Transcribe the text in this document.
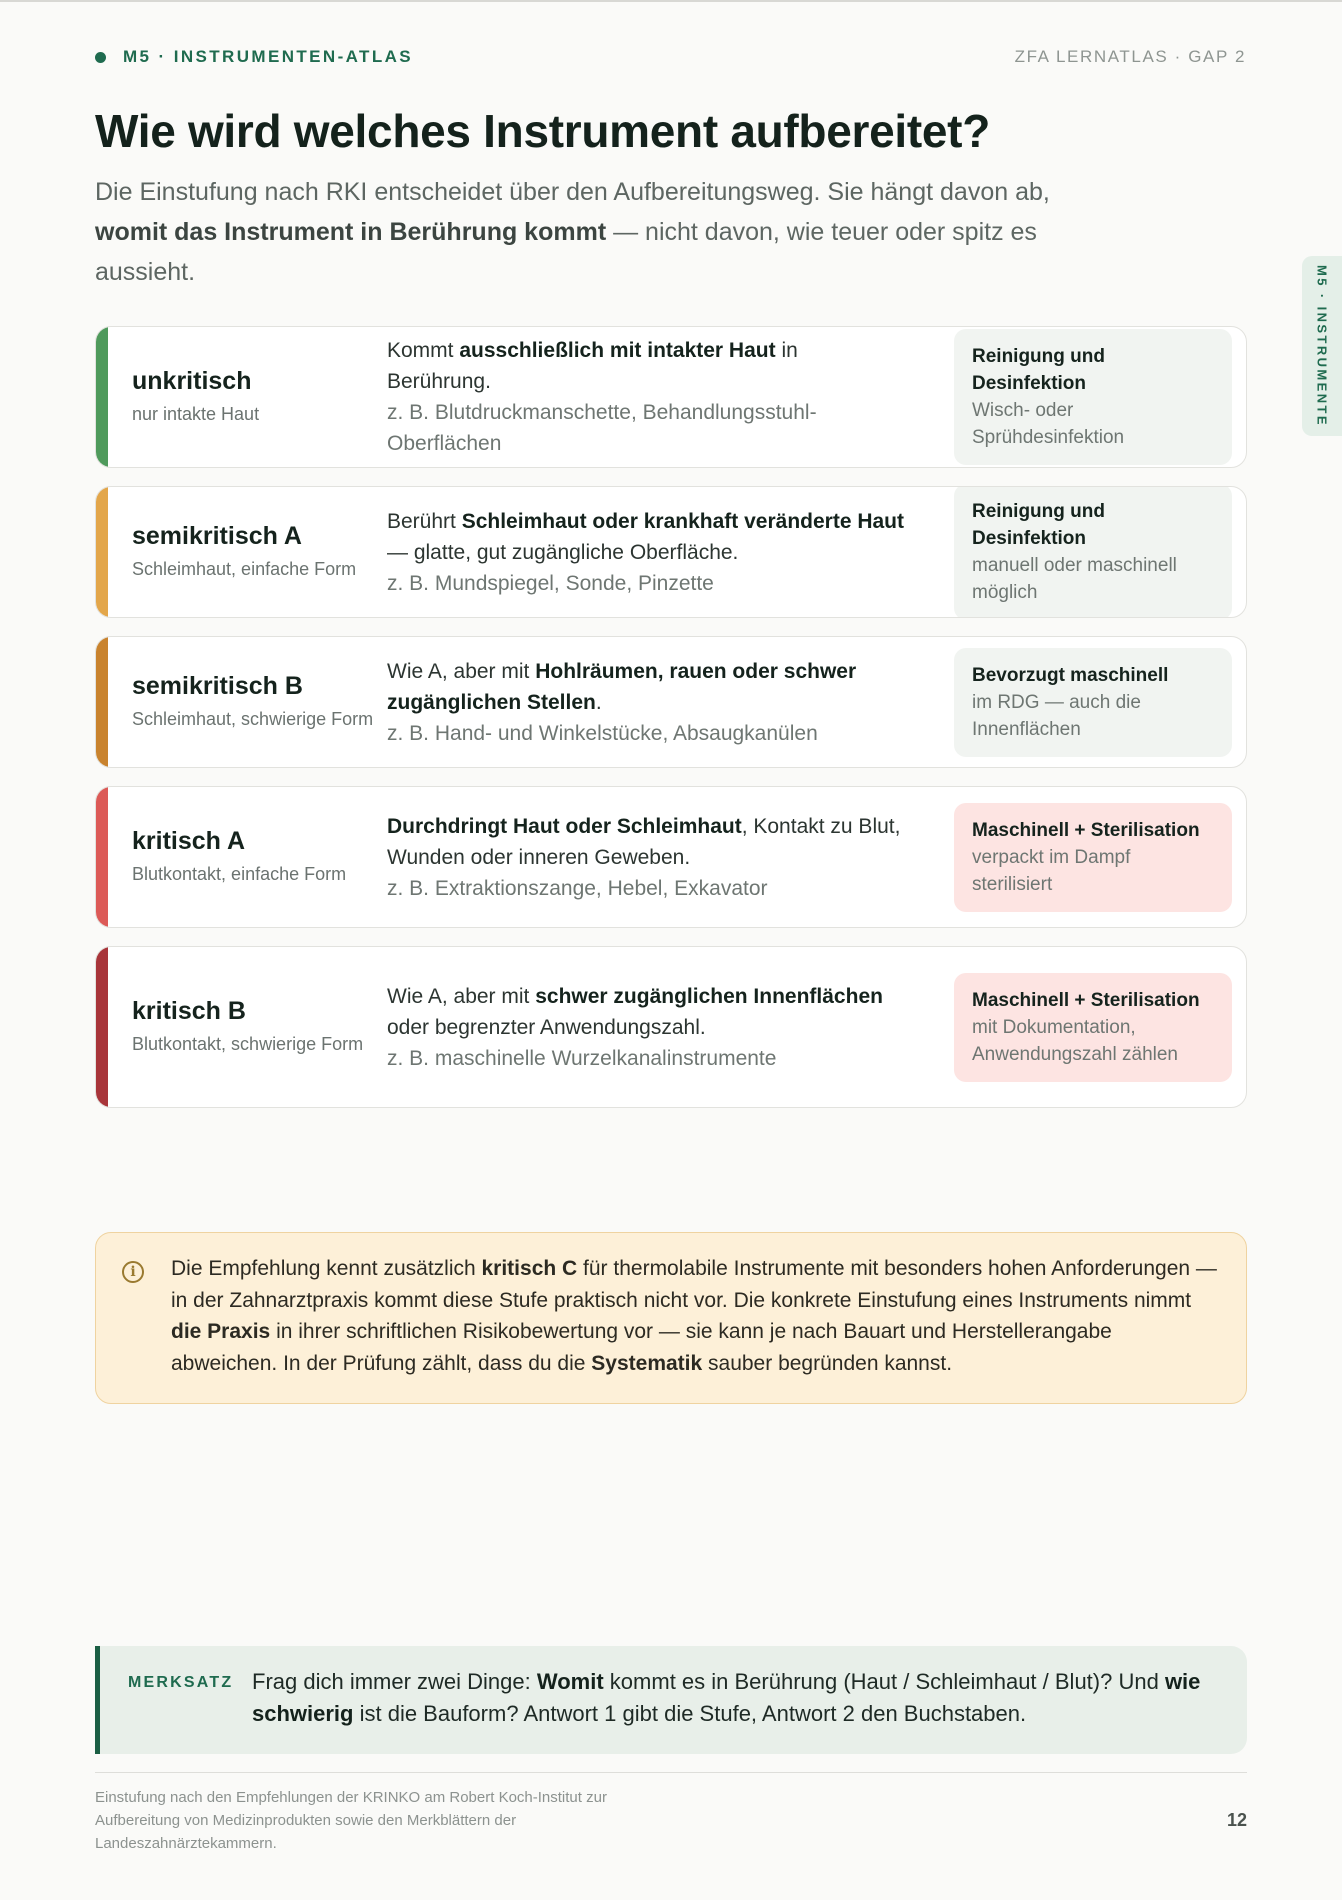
M5 · INSTRUMENTEN-ATLAS	ZFA LERNATLAS · GAP 2
M5 · INSTRUMENTE
Wie wird welches Instrument aufbereitet?
Die Einstufung nach RKI entscheidet über den Aufbereitungsweg. Sie hängt davon ab, womit das Instrument in Berührung kommt — nicht davon, wie teuer oder spitz es aussieht.
unkritisch
nur intakte Haut
Kommt ausschließlich mit intakter Haut in Berührung.
z. B. Blutdruckmanschette, Behandlungsstuhl-Oberflächen
Reinigung und Desinfektion
Wisch- oder Sprühdesinfektion
semikritisch A
Schleimhaut, einfache Form
Berührt Schleimhaut oder krankhaft veränderte Haut — glatte, gut zugängliche Oberfläche.
z. B. Mundspiegel, Sonde, Pinzette
Reinigung und Desinfektion
manuell oder maschinell möglich
semikritisch B
Schleimhaut, schwierige Form
Wie A, aber mit Hohlräumen, rauen oder schwer zugänglichen Stellen.
z. B. Hand- und Winkelstücke, Absaugkanülen
Bevorzugt maschinell
im RDG — auch die Innenflächen
kritisch A
Blutkontakt, einfache Form
Durchdringt Haut oder Schleimhaut, Kontakt zu Blut, Wunden oder inneren Geweben.
z. B. Extraktionszange, Hebel, Exkavator
Maschinell + Sterilisation
verpackt im Dampf sterilisiert
kritisch B
Blutkontakt, schwierige Form
Wie A, aber mit schwer zugänglichen Innenflächen oder begrenzter Anwendungszahl.
z. B. maschinelle Wurzelkanalinstrumente
Maschinell + Sterilisation
mit Dokumentation, Anwendungszahl zählen
i	Die Empfehlung kennt zusätzlich kritisch C für thermolabile Instrumente mit besonders hohen Anforderungen — in der Zahnarztpraxis kommt diese Stufe praktisch nicht vor. Die konkrete Einstufung eines Instruments nimmt die Praxis in ihrer schriftlichen Risikobewertung vor — sie kann je nach Bauart und Herstellerangabe abweichen. In der Prüfung zählt, dass du die Systematik sauber begründen kannst.
MERKSATZ Frag dich immer zwei Dinge: Womit kommt es in Berührung (Haut / Schleimhaut / Blut)? Und wie schwierig ist die Bauform? Antwort 1 gibt die Stufe, Antwort 2 den Buchstaben.
Einstufung nach den Empfehlungen der KRINKO am Robert Koch-Institut zur Aufbereitung von Medizinprodukten sowie den Merkblättern der Landeszahnärztekammern.
12
